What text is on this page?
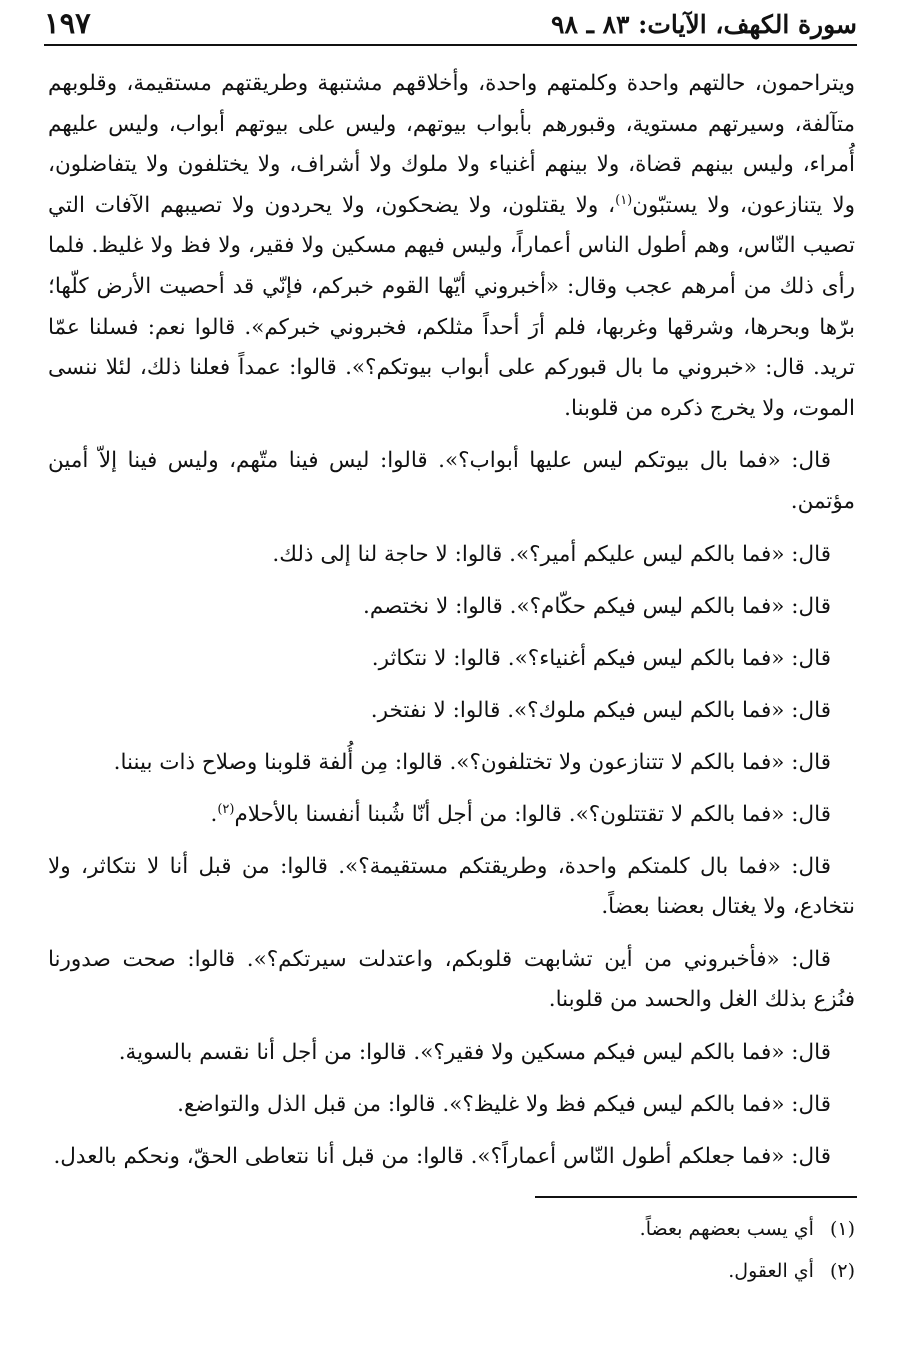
سورة الكهف، الآيات: ٨٣ ـ ٩٨
١٩٧

ويتراحمون، حالتهم واحدة وكلمتهم واحدة، وأخلاقهم مشتبهة وطريقتهم مستقيمة، وقلوبهم متآلفة، وسيرتهم مستوية، وقبورهم بأبواب بيوتهم، وليس على بيوتهم أبواب، وليس عليهم أُمراء، وليس بينهم قضاة، ولا بينهم أغنياء ولا ملوك ولا أشراف، ولا يختلفون ولا يتفاضلون، ولا يتنازعون، ولا يستبّون$^{(١)}$، ولا يقتلون، ولا يضحكون، ولا يحردون ولا تصيبهم الآفات التي تصيب النّاس، وهم أطول الناس أعماراً، وليس فيهم مسكين ولا فقير، ولا فظ ولا غليظ. فلما رأى ذلك من أمرهم عجب وقال: «أخبروني أيّها القوم خبركم، فإنّي قد أحصيت الأرض كلّها؛ برّها وبحرها، وشرقها وغربها، فلم أرَ أحداً مثلكم، فخبروني خبركم». قالوا نعم: فسلنا عمّا تريد. قال: «خبروني ما بال قبوركم على أبواب بيوتكم؟». قالوا: عمداً فعلنا ذلك، لئلا ننسى الموت، ولا يخرج ذكره من قلوبنا.

قال: «فما بال بيوتكم ليس عليها أبواب؟». قالوا: ليس فينا متّهم، وليس فينا إلاّ أمين مؤتمن.

قال: «فما بالكم ليس عليكم أمير؟». قالوا: لا حاجة لنا إلى ذلك.

قال: «فما بالكم ليس فيكم حكّام؟». قالوا: لا نختصم.

قال: «فما بالكم ليس فيكم أغنياء؟». قالوا: لا نتكاثر.

قال: «فما بالكم ليس فيكم ملوك؟». قالوا: لا نفتخر.

قال: «فما بالكم لا تتنازعون ولا تختلفون؟». قالوا: مِن أُلفة قلوبنا وصلاح ذات بيننا.

قال: «فما بالكم لا تقتتلون؟». قالوا: من أجل أنّا شُبنا أنفسنا بالأحلام$^{(٢)}$.

قال: «فما بال كلمتكم واحدة، وطريقتكم مستقيمة؟». قالوا: من قبل أنا لا نتكاثر، ولا نتخادع، ولا يغتال بعضنا بعضاً.

قال: «فأخبروني من أين تشابهت قلوبكم، واعتدلت سيرتكم؟». قالوا: صحت صدورنا فنُزع بذلك الغل والحسد من قلوبنا.

قال: «فما بالكم ليس فيكم مسكين ولا فقير؟». قالوا: من أجل أنا نقسم بالسوية.

قال: «فما بالكم ليس فيكم فظ ولا غليظ؟». قالوا: من قبل الذل والتواضع.

قال: «فما جعلكم أطول النّاس أعماراً؟». قالوا: من قبل أنا نتعاطى الحقّ، ونحكم بالعدل.

(١)أي يسب بعضهم بعضاً.
(٢)أي العقول.
